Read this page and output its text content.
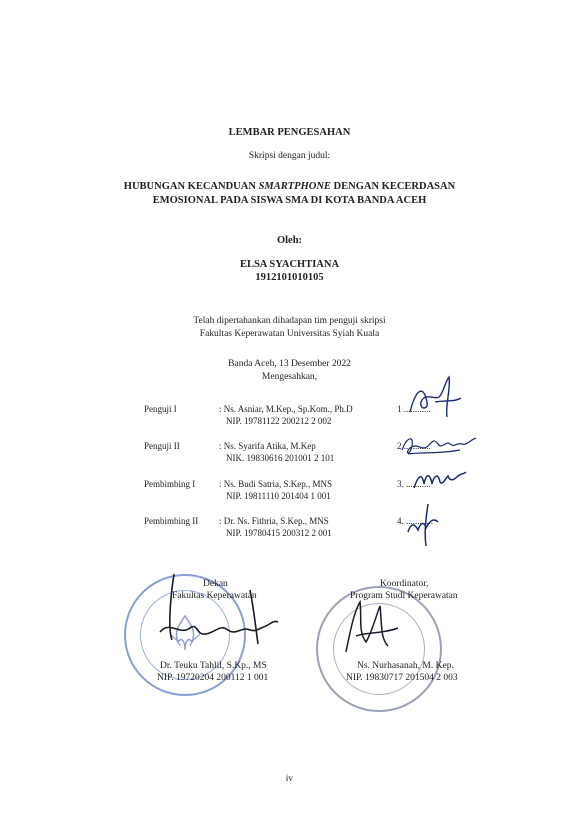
LEMBAR PENGESAHAN
Skripsi dengan judul:
HUBUNGAN KECANDUAN SMARTPHONE DENGAN KECERDASAN
EMOSIONAL PADA SISWA SMA DI KOTA BANDA ACEH
Oleh:
ELSA SYACHTIANA
1912101010105
Telah dipertahankan dihadapan tim penguji skripsi
Fakultas Keperawatan Universitas Syiah Kuala
Banda Aceh, 13 Desember 2022
Mengesahkan,
Penguji I	: Ns. Asniar, M.Kep., Sp.Kom., Ph.D
NIP. 19781122 200212 2 002
1 ............
Penguji II	: Ns. Syarifa Atika, M.Kep
NIK. 19830616 201001 2 101
2.............
Pembimbing I	: Ns. Budi Satria, S.Kep., MNS
NIP. 19811110 201404 1 001
3. ...........
Pembimbing II : Dr. Ns. Fithria, S.Kep., MNS
NIP. 19780415 200312 2 001
4. ............
Dekan
Fakultas Keperawatan
Dr. Teuku Tahlil, S.Kp., MS
NIP. 19720204 200112 1 001
Koordinator,
Program Studi Keperawatan
Ns. Nurhasanah, M. Kep.
NIP. 19830717 201504 2 003
iv
